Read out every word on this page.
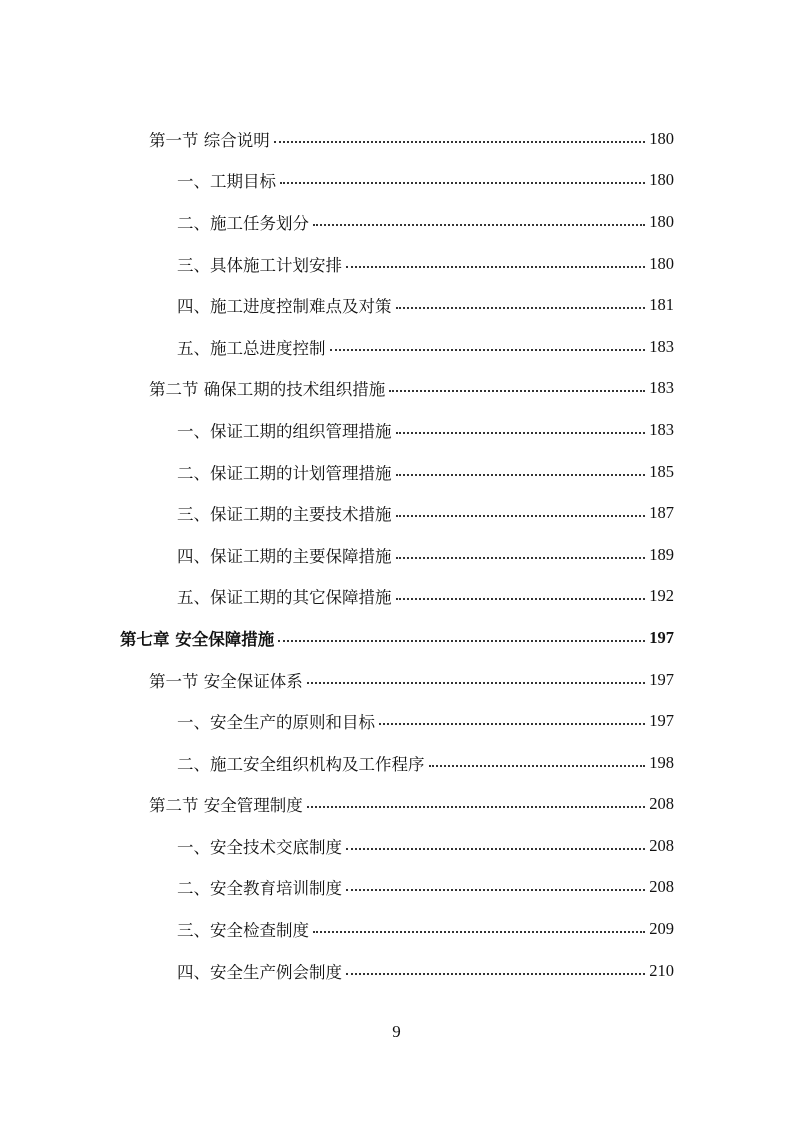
第一节 综合说明	180
一、工期目标	180
二、施工任务划分	180
三、具体施工计划安排	180
四、施工进度控制难点及对策	181
五、施工总进度控制	183
第二节 确保工期的技术组织措施	183
一、保证工期的组织管理措施	183
二、保证工期的计划管理措施	185
三、保证工期的主要技术措施	187
四、保证工期的主要保障措施	189
五、保证工期的其它保障措施	192
第七章 安全保障措施	197
第一节 安全保证体系	197
一、安全生产的原则和目标	197
二、施工安全组织机构及工作程序	198
第二节 安全管理制度	208
一、安全技术交底制度	208
二、安全教育培训制度	208
三、安全检查制度	209
四、安全生产例会制度	210
9
